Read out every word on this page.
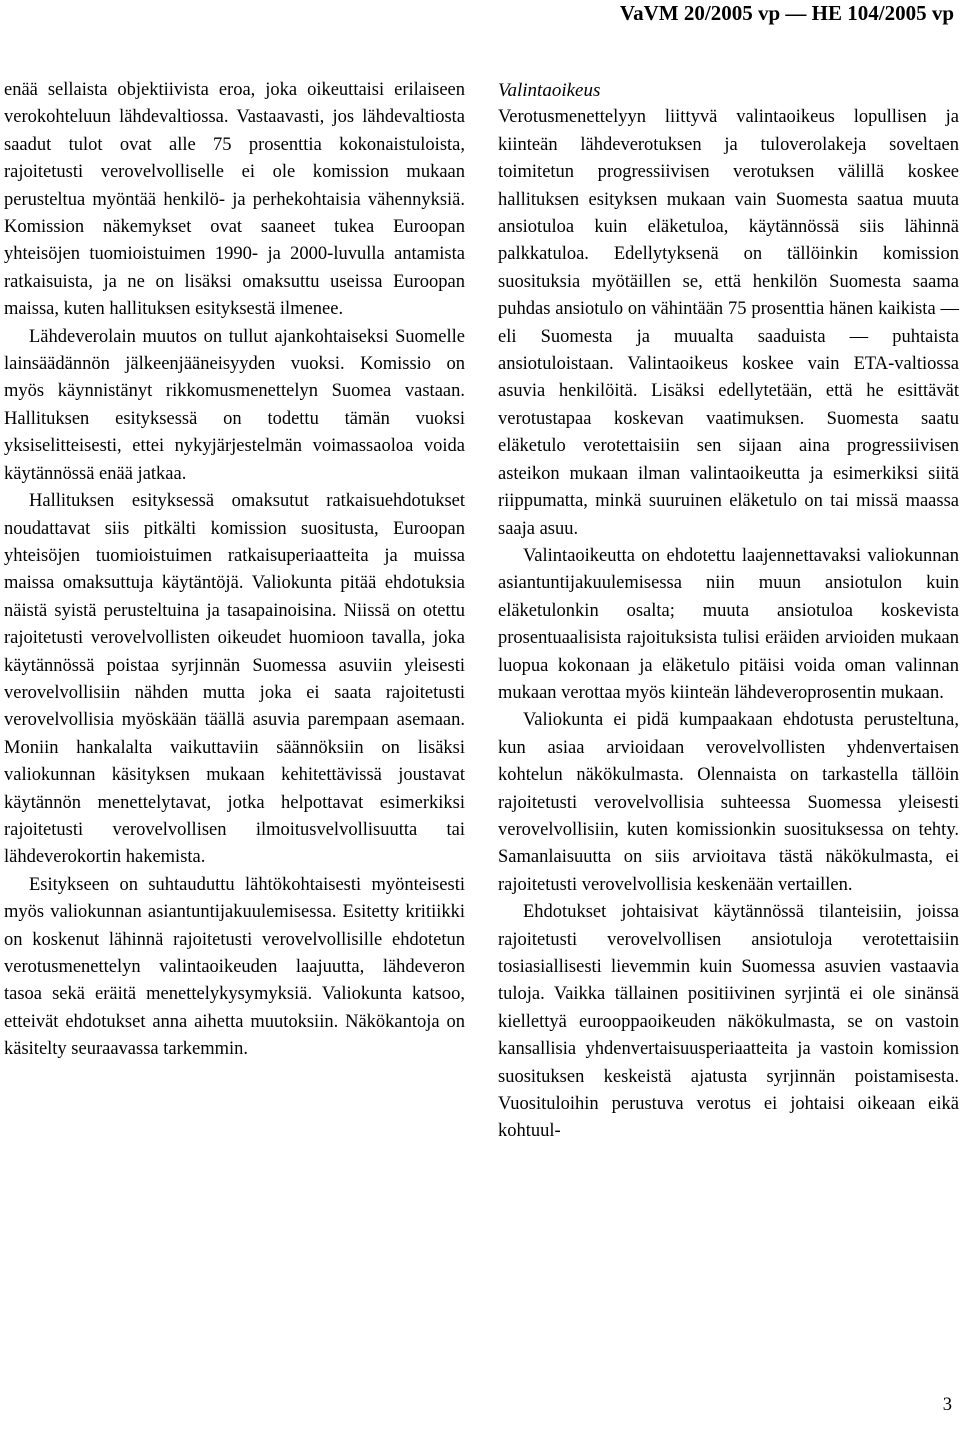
VaVM 20/2005 vp — HE 104/2005 vp

enää sellaista objektiivista eroa, joka oikeuttaisi erilaiseen verokohteluun lähdevaltiossa. Vastaavasti, jos lähdevaltiosta saadut tulot ovat alle 75 prosenttia kokonaistuloista, rajoitetusti verovelvolliselle ei ole komission mukaan perusteltua myöntää henkilö- ja perhekohtaisia vähennyksiä. Komission näkemykset ovat saaneet tukea Euroopan yhteisöjen tuomioistuimen 1990- ja 2000-luvulla antamista ratkaisuista, ja ne on lisäksi omaksuttu useissa Euroopan maissa, kuten hallituksen esityksestä ilmenee.

Lähdeverolain muutos on tullut ajankohtaiseksi Suomelle lainsäädännön jälkeenjääneisyyden vuoksi. Komissio on myös käynnistänyt rikkomusmenettelyn Suomea vastaan. Hallituksen esityksessä on todettu tämän vuoksi yksiselitteisesti, ettei nykyjärjestelmän voimassaoloa voida käytännössä enää jatkaa.

Hallituksen esityksessä omaksutut ratkaisuehdotukset noudattavat siis pitkälti komission suositusta, Euroopan yhteisöjen tuomioistuimen ratkaisuperiaatteita ja muissa maissa omaksuttuja käytäntöjä. Valiokunta pitää ehdotuksia näistä syistä perusteltuina ja tasapainoisina. Niissä on otettu rajoitetusti verovelvollisten oikeudet huomioon tavalla, joka käytännössä poistaa syrjinnän Suomessa asuviin yleisesti verovelvollisiin nähden mutta joka ei saata rajoitetusti verovelvollisia myöskään täällä asuvia parempaan asemaan. Moniin hankalalta vaikuttaviin säännöksiin on lisäksi valiokunnan käsityksen mukaan kehitettävissä joustavat käytännön menettelytavat, jotka helpottavat esimerkiksi rajoitetusti verovelvollisen ilmoitusvelvollisuutta tai lähdeverokortin hakemista.

Esitykseen on suhtauduttu lähtökohtaisesti myönteisesti myös valiokunnan asiantuntijakuulemisessa. Esitetty kritiikki on koskenut lähinnä rajoitetusti verovelvollisille ehdotetun verotusmenettelyn valintaoikeuden laajuutta, lähdeveron tasoa sekä eräitä menettelykysymyksiä. Valiokunta katsoo, etteivät ehdotukset anna aihetta muutoksiin. Näkökantoja on käsitelty seuraavassa tarkemmin.

Valintaoikeus

Verotusmenettelyyn liittyvä valintaoikeus lopullisen ja kiinteän lähdeverotuksen ja tuloverolakeja soveltaen toimitetun progressiivisen verotuksen välillä koskee hallituksen esityksen mukaan vain Suomesta saatua muuta ansiotuloa kuin eläketuloa, käytännössä siis lähinnä palkkatuloa. Edellytyksenä on tällöinkin komission suosituksia myötäillen se, että henkilön Suomesta saama puhdas ansiotulo on vähintään 75 prosenttia hänen kaikista — eli Suomesta ja muualta saaduista — puhtaista ansiotuloistaan. Valintaoikeus koskee vain ETA-valtiossa asuvia henkilöitä. Lisäksi edellytetään, että he esittävät verotustapaa koskevan vaatimuksen. Suomesta saatu eläketulo verotettaisiin sen sijaan aina progressiivisen asteikon mukaan ilman valintaoikeutta ja esimerkiksi siitä riippumatta, minkä suuruinen eläketulo on tai missä maassa saaja asuu.

Valintaoikeutta on ehdotettu laajennettavaksi valiokunnan asiantuntijakuulemisessa niin muun ansiotulon kuin eläketulonkin osalta; muuta ansiotuloa koskevista prosentuaalisista rajoituksista tulisi eräiden arvioiden mukaan luopua kokonaan ja eläketulo pitäisi voida oman valinnan mukaan verottaa myös kiinteän lähdeveroprosentin mukaan.

Valiokunta ei pidä kumpaakaan ehdotusta perusteltuna, kun asiaa arvioidaan verovelvollisten yhdenvertaisen kohtelun näkökulmasta. Olennaista on tarkastella tällöin rajoitetusti verovelvollisia suhteessa Suomessa yleisesti verovelvollisiin, kuten komissionkin suosituksessa on tehty. Samanlaisuutta on siis arvioitava tästä näkökulmasta, ei rajoitetusti verovelvollisia keskenään vertaillen.

Ehdotukset johtaisivat käytännössä tilanteisiin, joissa rajoitetusti verovelvollisen ansiotuloja verotettaisiin tosiasiallisesti lievemmin kuin Suomessa asuvien vastaavia tuloja. Vaikka tällainen positiivinen syrjintä ei ole sinänsä kiellettyä eurooppaoikeuden näkökulmasta, se on vastoin kansallisia yhdenvertaisuusperiaatteita ja vastoin komission suosituksen keskeistä ajatusta syrjinnän poistamisesta. Vuosituloihin perustuva verotus ei johtaisi oikeaan eikä kohtuul-

3
